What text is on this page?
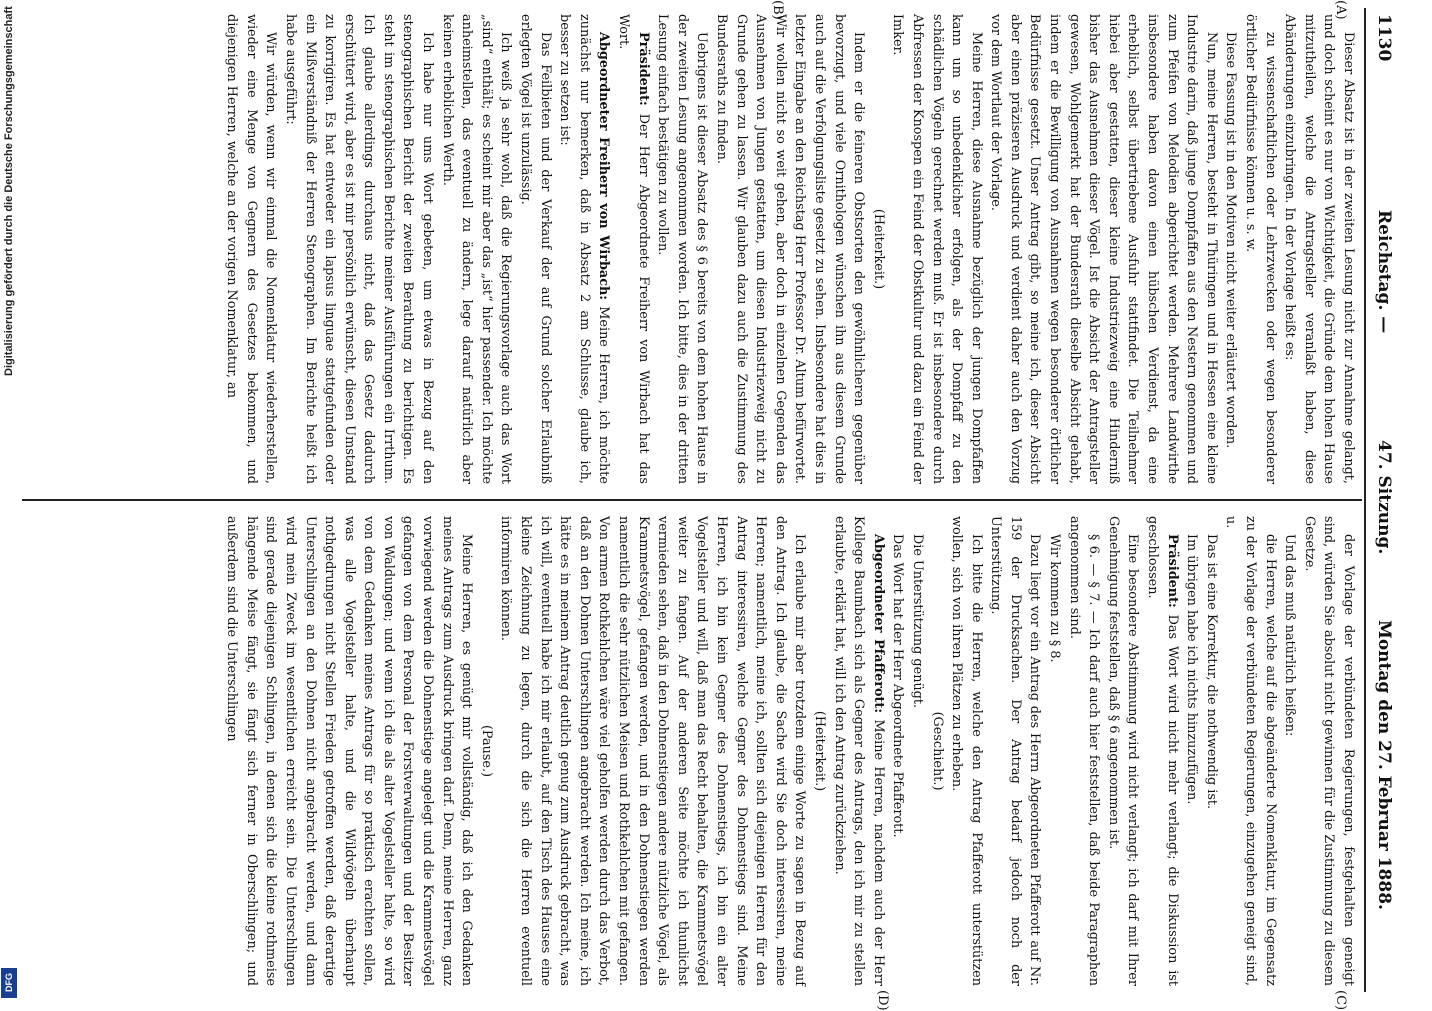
1130
Reichstag. —
47. Sitzung.
Montag den 27. Februar 1888.
(A)
(B)
(C)
(D)

Dieser Absatz ist in der zweiten Lesung nicht zur Annahme gelangt, und doch scheint es nur von Wichtigkeit, die Gründe dem hohen Hause mitzutheilen, welche die Antragsteller veranlaßt haben, diese Abänderungen einzubringen. In der Vorlage heißt es:

zu wissenschaftlichen oder Lehrzwecken oder wegen besonderer örtlicher Bedürfnisse können u. s. w.

Diese Fassung ist in den Motiven nicht weiter erläutert worden.

Nun, meine Herren, besteht in Thüringen und in Hessen eine kleine Industrie darin, daß junge Dompfaffen aus den Nestern genommen und zum Pfeifen von Melodien abgerichtet werden. Mehrere Landwirthe insbesondere haben davon einen hübschen Verdienst, da eine erheblich, selbst übertriebene Ausfuhr stattfindet. Die Teilnehmer hiebei aber gestatten, dieser kleine Industriezweig eine Hinderniß bisher das Ausnehmen dieser Vögel. Ist die Absicht der Antragsteller gewesen, Wohlgemerkt hat der Bundesrath dieselbe Absicht gehabt, indem er die Bewilligung von Ausnahmen wegen besonderer örtlicher Bedürfnisse gesetzt. Unser Antrag gibt, so meine ich, dieser Absicht aber einen präziseren Ausdruck und verdient daher auch den Vorzug vor dem Wortlaut der Vorlage.

Meine Herren, diese Ausnahme bezüglich der jungen Dompfaffen kann um so unbedenklicher erfolgen, als der Dompfaff zu den schädlichen Vögeln gerechnet werden muß. Er ist insbesondere durch Abfressen der Knospen ein Feind der Obstkultur und dazu ein Feind der Imker.

(Heiterkeit.)

Indem er die feineren Obstsorten den gewöhnlicheren gegenüber bevorzugt, und viele Ornithologen wünschen ihn aus diesem Grunde auch auf die Verfolgungsliste gesetzt zu sehen. Insbesondere hat dies in letzter Eingabe an den Reichstag Herr Professor Dr. Altum befürwortet. Wir wollen nicht so weit gehen, aber doch in einzelnen Gegenden das Ausnehmen von Jungen gestatten, um diesen Industriezweig nicht zu Grunde gehen zu lassen. Wir glauben dazu auch die Zustimmung des Bundesraths zu finden.

Uebrigens ist dieser Absatz des § 6 bereits von dem hohen Hause in der zweiten Lesung angenommen worden. Ich bitte, dies in der dritten Lesung einfach bestätigen zu wollen.

Präsident: Der Herr Abgeordnete Freiherr von Wirbach hat das Wort.

Abgeordneter Freiherr von Wirbach: Meine Herren, ich möchte zunächst nur bemerken, daß in Absatz 2 am Schlusse, glaube ich, besser zu setzen ist:

Das Feilbieten und der Verkauf der auf Grund solcher Erlaubniß erlegten Vögel ist unzulässig.

Ich weiß ja sehr wohl, daß die Regierungsvorlage auch das Wort „sind“ enthält; es scheint mir aber das „ist“ hier passender. Ich möchte anheimstellen, das eventuell zu ändern, lege darauf natürlich aber keinen erheblichen Werth.

Ich habe nur ums Wort gebeten, um etwas in Bezug auf den stenographischen Bericht der zweiten Berathung zu berichtigen. Es steht im stenographischen Berichte meiner Ausführungen ein Irrthum. Ich glaube allerdings durchaus nicht, daß das Gesetz dadurch erschüttert wird, aber es ist mir persönlich erwünscht, diesen Umstand zu korrigiren. Es hat entweder ein lapsus linguae stattgefunden oder ein Mißverständniß der Herren Stenographen. Im Berichte heißt ich habe ausgeführt:

Wir würden, wenn wir einmal die Nomenklatur wiederherstellen, wieder eine Menge von Gegnern des Gesetzes bekommen, und diejenigen Herren, welche an der vorigen Nomenklatur, an

der Vorlage der verbündeten Regierungen, festgehalten geneigt sind, würden Sie absolut nicht gewinnen für die Zustimmung zu diesem Gesetze.

Und das muß natürlich heißen:

die Herren, welche auf die abgeänderte Nomenklatur, im Gegensatz zu der Vorlage der verbündeten Regierungen, einzugehen geneigt sind, u.

Das ist eine Korrektur, die nothwendig ist.

Im übrigen habe ich nichts hinzuzufügen.

Präsident: Das Wort wird nicht mehr verlangt; die Diskussion ist geschlossen.

Eine besondere Abstimmung wird nicht verlangt; ich darf mit Ihrer Genehmigung feststellen, daß § 6 angenommen ist.

§ 6. — § 7. — Ich darf auch hier feststellen, daß beide Paragraphen angenommen sind.

Wir kommen zu § 8.

Dazu liegt vor ein Antrag des Herrn Abgeordneten Pfafferott auf Nr. 159 der Drucksachen. Der Antrag bedarf jedoch noch der Unterstützung.

Ich bitte die Herren, welche den Antrag Pfafferott unterstützen wollen, sich von ihren Plätzen zu erheben.

(Geschieht.)

Die Unterstützung genügt.

Das Wort hat der Herr Abgeordnete Pfafferott.

Abgeordneter Pfafferott: Meine Herren, nachdem auch der Herr Kollege Baumbach sich als Gegner des Antrags, den ich mir zu stellen erlaubte, erklärt hat, will ich den Antrag zurückziehen.

(Heiterkeit.)

Ich erlaube mir aber trotzdem einige Worte zu sagen in Bezug auf den Antrag. Ich glaube, die Sache wird Sie doch interessiren, meine Herren; namentlich, meine ich, sollten sich diejenigen Herren für den Antrag interessiren, welche Gegner des Dohnenstiegs sind. Meine Herren, ich bin kein Gegner des Dohnenstiegs, ich bin ein alter Vogelsteller und will, daß man das Recht behalten, die Krammetsvögel weiter zu fangen. Auf der anderen Seite möchte ich thunlichst vermieden sehen, daß in den Dohnenstiegen andere nützliche Vögel, als Krammetsvögel, gefangen werden, und in den Dohnenstiegen werden namentlich die sehr nützlichen Meisen und Rothkehlchen mit gefangen. Von armen Rothkehlchen wäre viel geholfen werden durch das Verbot, daß an den Dohnen Unterschlingen angebracht werden. Ich meine, ich hätte es in meinem Antrag deutlich genug zum Ausdruck gebracht, was ich will, eventuell habe ich mir erlaubt, auf den Tisch des Hauses eine kleine Zeichnung zu legen, durch die sich die Herren eventuell informiren können.

(Pause.)

Meine Herren, es genügt mir vollständig, daß ich den Gedanken meines Antrags zum Ausdruck bringen darf. Denn, meine Herren, ganz vorwiegend werden die Dohnenstiege angelegt und die Krammetsvögel gefangen von dem Personal der Forstverwaltungen und der Besitzer von Waldungen; und wenn ich die als alter Vogelsteller halte, so wird von dem Gedanken meines Antrags für so praktisch erachten sollen, was alle Vogelsteller halte, und die Wildvögeln überhaupt nothgedrungen nicht Stellen Frieden getroffen werden, daß derartige Unterschlingen an den Dohnen nicht angebracht werden, und dann wird mein Zweck im wesentlichen erreicht sein. Die Unterschlingen sind gerade diejenigen Schlingen, in denen sich die kleine rothmeise hängende Meise fängt, sie fängt sich ferner in Oberschlingen; und außerdem sind die Unterschlingen

Digitalisierung gefördert durch die Deutsche Forschungsgemeinschaft
DFG
